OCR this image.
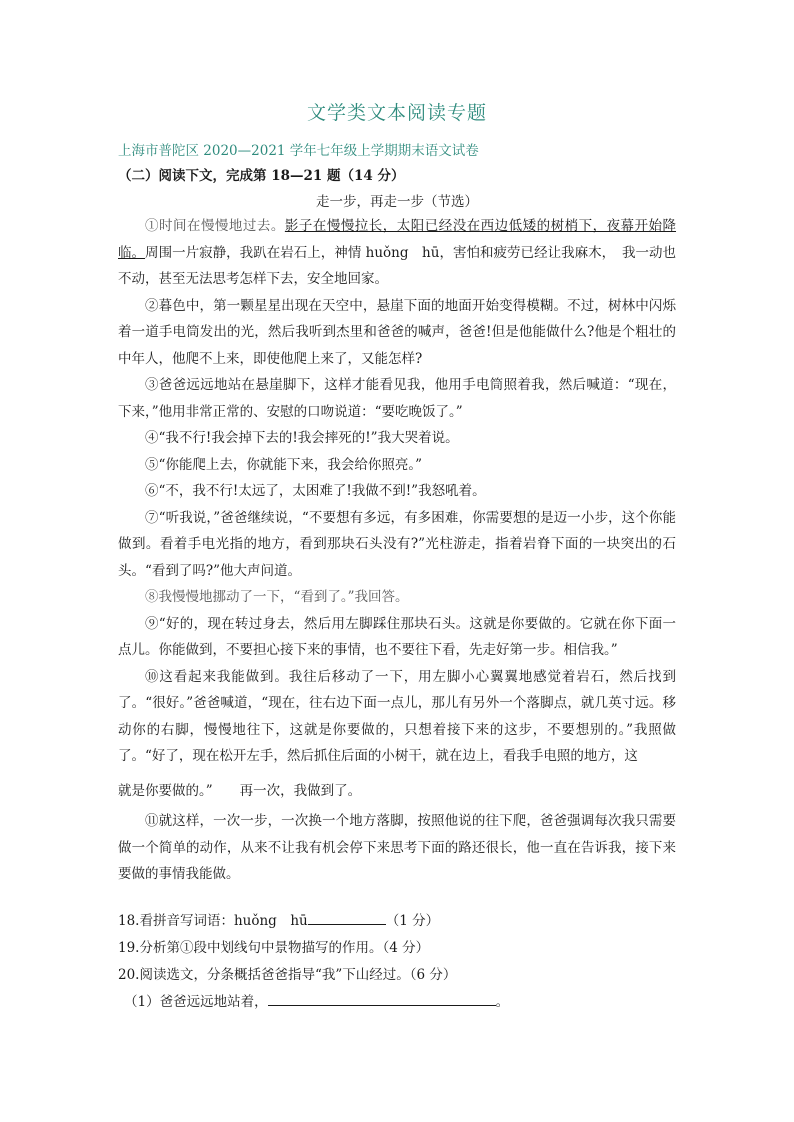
文学类文本阅读专题
上海市普陀区 2020—2021 学年七年级上学期期末语文试卷
（二）阅读下文，完成第 18—21 题（14 分）
走一步，再走一步（节选）

①时间在慢慢地过去。影子在慢慢拉长，太阳已经没在西边低矮的树梢下，夜幕开始降临。周围一片寂静，我趴在岩石上，神情 huǒng　hū，害怕和疲劳已经让我麻木，　我一动也不动，甚至无法思考怎样下去，安全地回家。

②暮色中，第一颗星星出现在天空中，悬崖下面的地面开始变得模糊。不过，树林中闪烁着一道手电筒发出的光，然后我听到杰里和爸爸的喊声，爸爸!但是他能做什么?他是个粗壮的中年人，他爬不上来，即使他爬上来了，又能怎样?

③爸爸远远地站在悬崖脚下，这样才能看见我，他用手电筒照着我，然后喊道：“现在，下来，”他用非常正常的、安慰的口吻说道：“要吃晚饭了。”

④“我不行!我会掉下去的!我会摔死的!”我大哭着说。

⑤“你能爬上去，你就能下来，我会给你照亮。”

⑥“不，我不行!太远了，太困难了!我做不到!”我怒吼着。

⑦“听我说，”爸爸继续说，“不要想有多远，有多困难，你需要想的是迈一小步，这个你能做到。看着手电光指的地方，看到那块石头没有?”光柱游走，指着岩脊下面的一块突出的石头。“看到了吗?”他大声问道。

⑧我慢慢地挪动了一下，“看到了。”我回答。

⑨“好的，现在转过身去，然后用左脚踩住那块石头。这就是你要做的。它就在你下面一点儿。你能做到，不要担心接下来的事情，也不要往下看，先走好第一步。相信我。”

⑩这看起来我能做到。我往后移动了一下，用左脚小心翼翼地感觉着岩石，然后找到了。“很好。”爸爸喊道，“现在，往右边下面一点儿，那儿有另外一个落脚点，就几英寸远。移动你的右脚，慢慢地往下，这就是你要做的，只想着接下来的这步，不要想别的。”我照做了。“好了，现在松开左手，然后抓住后面的小树干，就在边上，看我手电照的地方，这

就是你要做的。”　　再一次，我做到了。

⑪就这样，一次一步，一次换一个地方落脚，按照他说的往下爬，爸爸强调每次我只需要做一个简单的动作，从来不让我有机会停下来思考下面的路还很长，他一直在告诉我，接下来要做的事情我能做。

18.看拼音写词语：huǒng　hū	（1 分）

19.分析第①段中划线句中景物描写的作用。（4 分）

20.阅读选文，分条概括爸爸指导“我”下山经过。（6 分）

（1）爸爸远远地站着，	。
